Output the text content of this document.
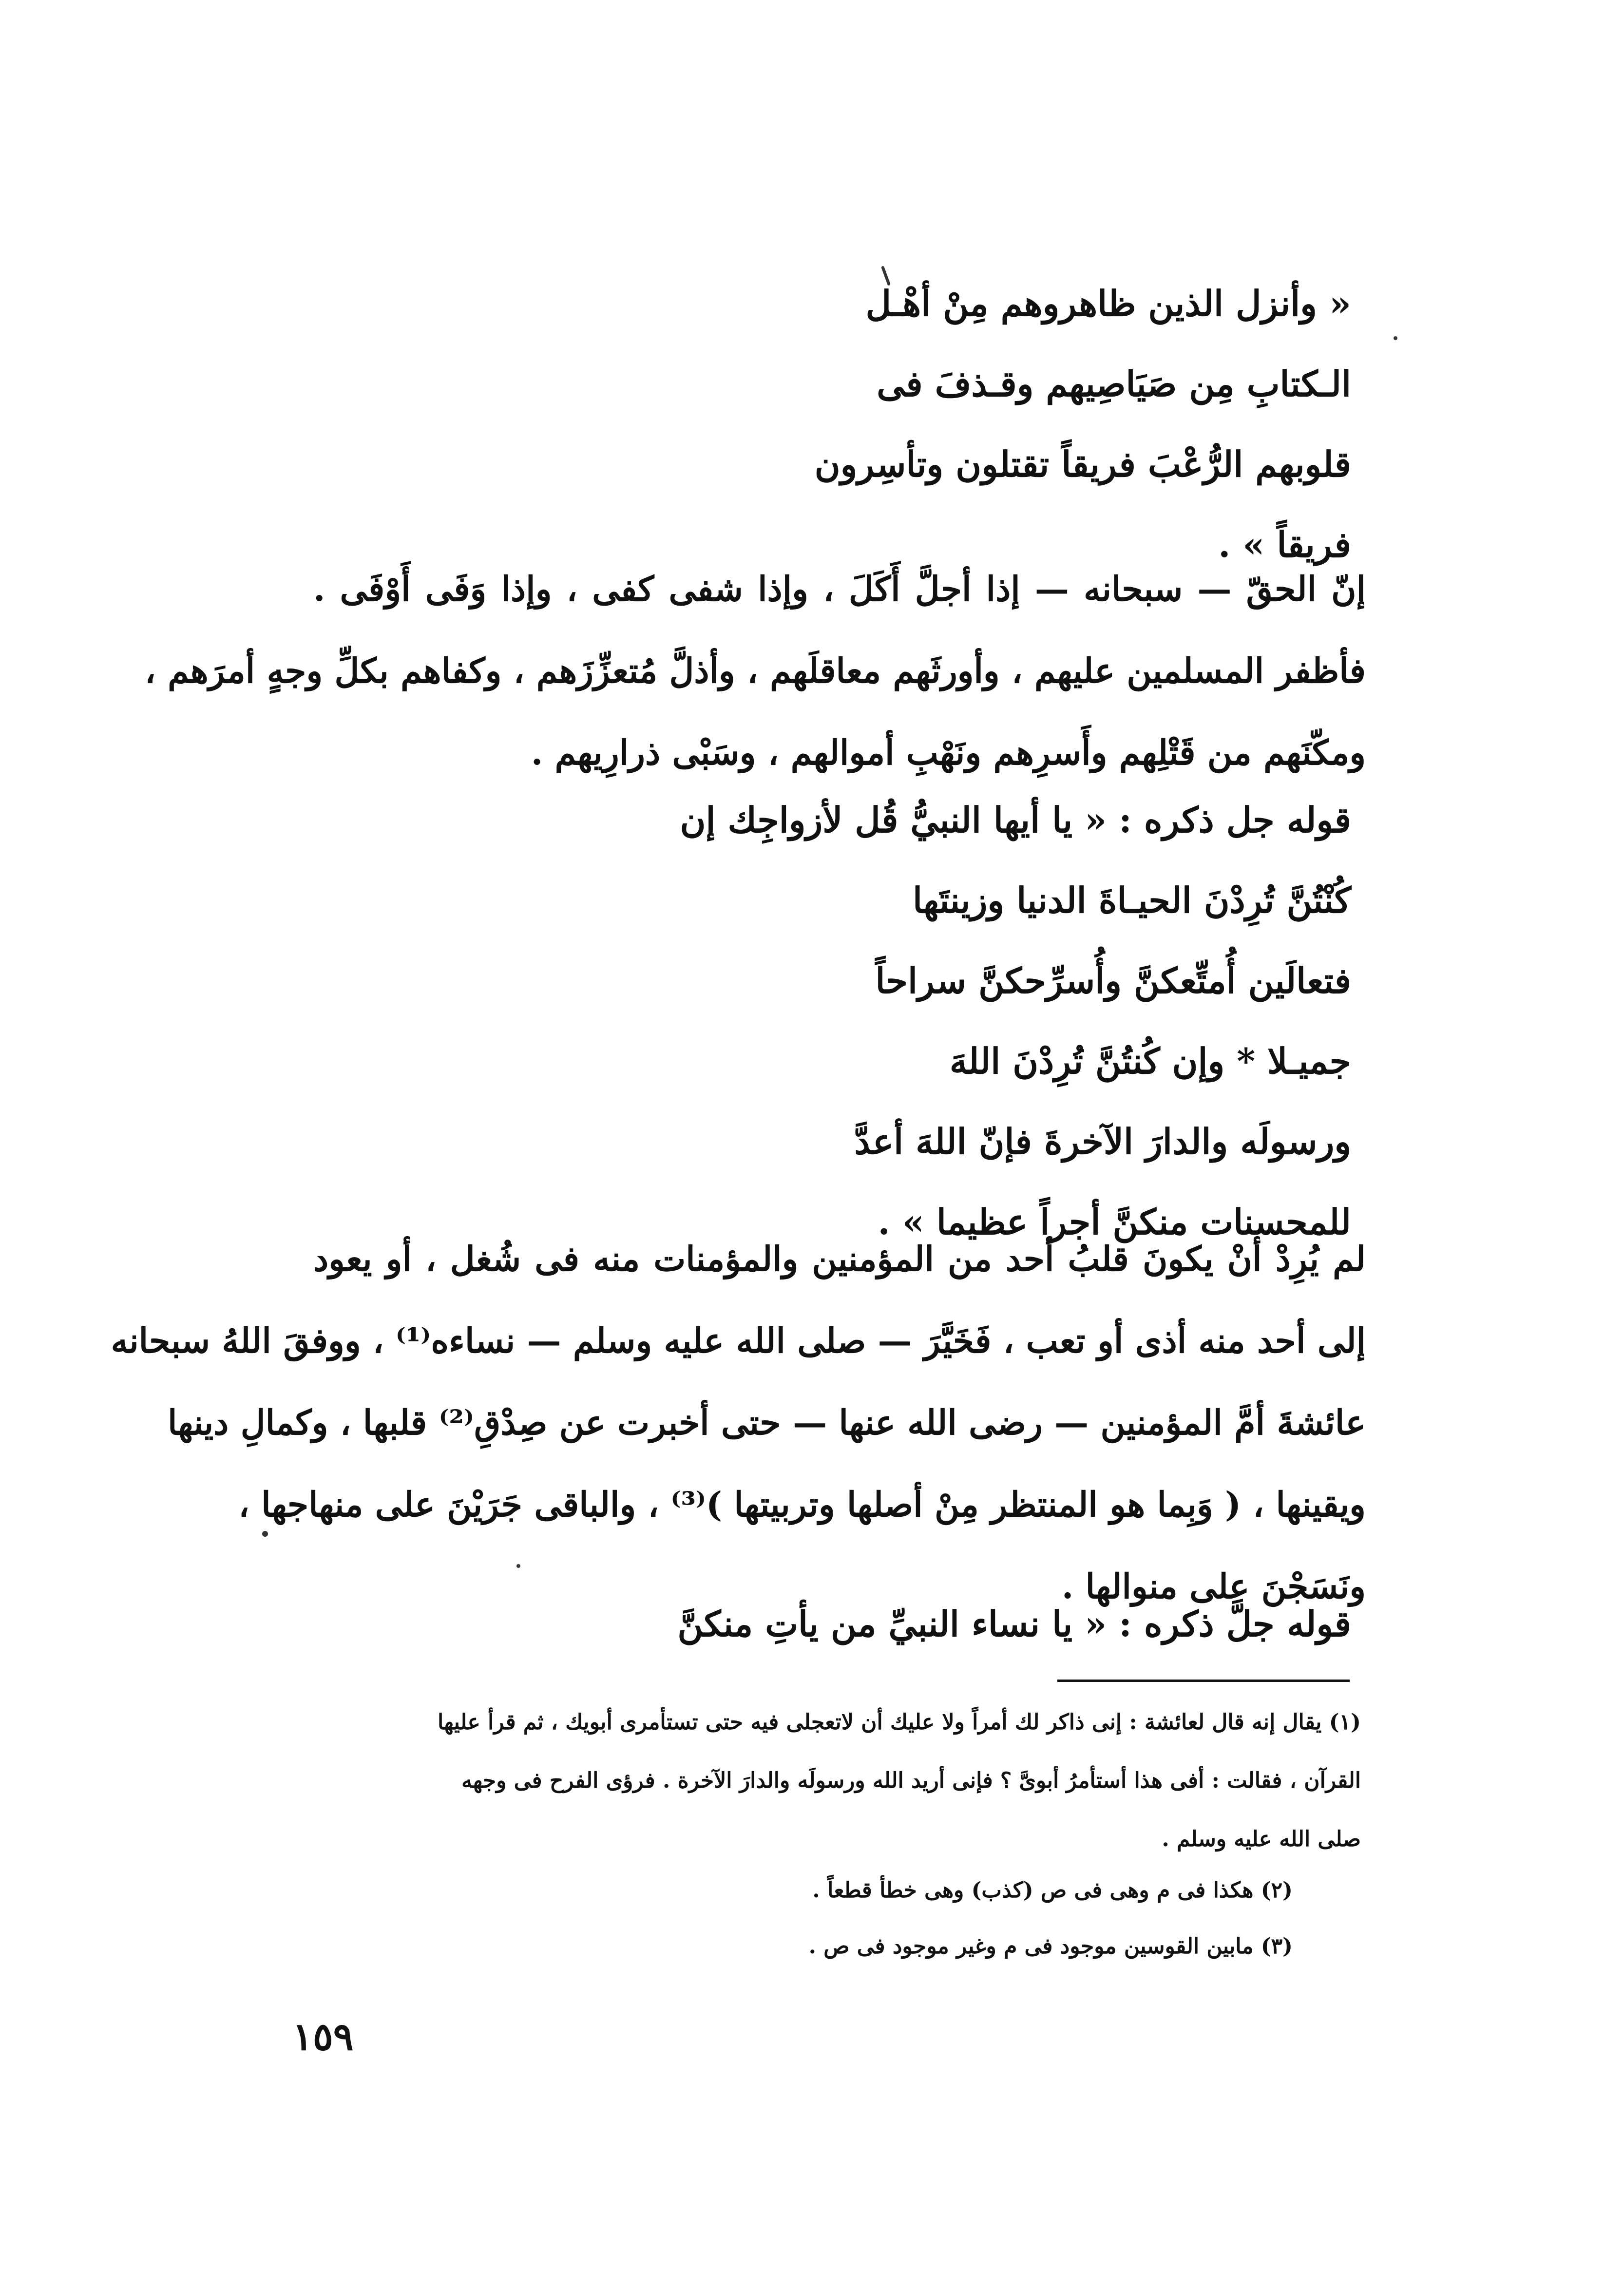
« وأنزل الذين ظاهروهم مِنْ أهْـل
الـكتابِ مِن صَيَاصِيهم وقـذفَ فى
قلوبهم الرُّعْبَ فريقاً تقتلون وتأسِرون
فريقاً » .
إنّ الحقّ — سبحانه — إذا أجلَّ أَكَلَ ، وإذا شفى كفى ، وإذا وَفَى أَوْفَى .
فأظفر المسلمين عليهم ، وأورثَهم معاقلَهم ، وأذلَّ مُتعزِّزَهم ، وكفاهم بكلِّ وجهٍ أمرَهم ،
ومكّنَهم من قَتْلِهم وأَسرِهم ونَهْبِ أموالهم ، وسَبْى ذرارِيهم .
قوله جل ذكره : « يا أيها النبيُّ قُل لأزواجِك إن
كُنْتُنَّ تُرِدْنَ الحيـاةَ الدنيا وزينتَها
فتعالَين أُمتِّعكنَّ وأُسرِّحكنَّ سراحاً
جميـلا * وإن كُنتُنَّ تُرِدْنَ اللهَ
ورسولَه والدارَ الآخرةَ فإنّ اللهَ أعدَّ
للمحسنات منكنَّ أجراً عظيما » .
لم يُرِدْ أنْ يكونَ قلبُ أحد من المؤمنين والمؤمنات منه فى شُغل ، أو يعود
إلى أحد منه أذى أو تعب ، فَخَيَّرَ — صلى الله عليه وسلم — نساءه⁽¹⁾ ، ووفقَ اللهُ سبحانه
عائشةَ أمَّ المؤمنين — رضى الله عنها — حتى أخبرت عن صِدْقِ⁽²⁾ قلبها ، وكمالِ دينها
ويقينها ، ( وَبِما هو المنتظر مِنْ أصلها وتربيتها )⁽³⁾ ، والباقى جَرَيْنَ على منهاجها ،
ونَسَجْنَ على منوالها .
قوله جلَّ ذكره : « يا نساء النبيِّ من يأتِ منكنَّ
(١) يقال إنه قال لعائشة : إنى ذاكر لك أمراً ولا عليك أن لاتعجلى فيه حتى تستأمرى أبويك ، ثم قرأ عليها
القرآن ، فقالت : أفى هذا أستأمرُ أبوىَّ ؟ فإنى أريد الله ورسولَه والدارَ الآخرة . فرؤى الفرح فى وجهه
صلى الله عليه وسلم .
(٢) هكذا فى م وهى فى ص (كذب) وهى خطأ قطعاً .
(٣) مابين القوسين موجود فى م وغير موجود فى ص .
١٥٩
